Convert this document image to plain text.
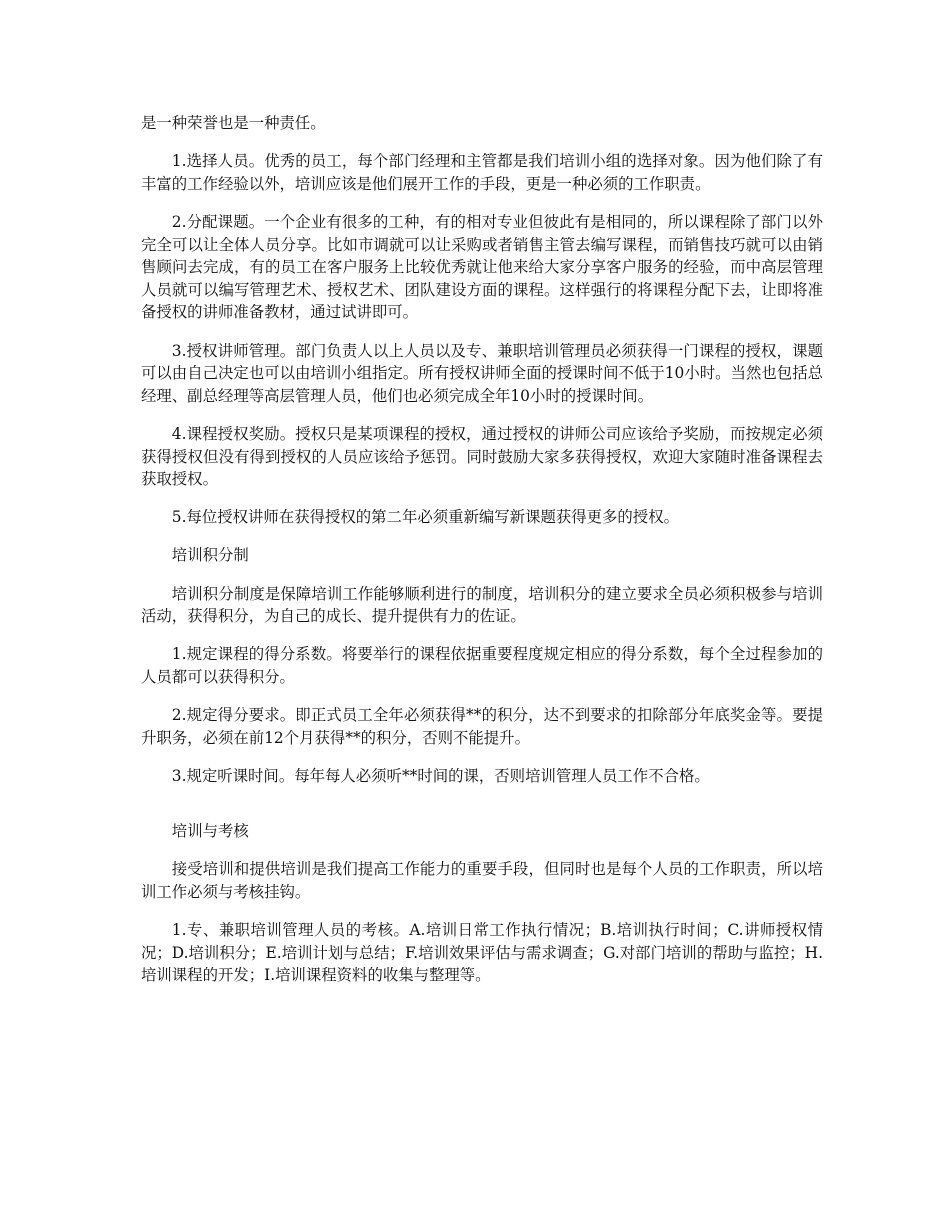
是一种荣誉也是一种责任。

1.选择人员。优秀的员工，每个部门经理和主管都是我们培训小组的选择对象。因为他们除了有丰富的工作经验以外，培训应该是他们展开工作的手段，更是一种必须的工作职责。

2.分配课题。一个企业有很多的工种，有的相对专业但彼此有是相同的，所以课程除了部门以外完全可以让全体人员分享。比如市调就可以让采购或者销售主管去编写课程，而销售技巧就可以由销售顾问去完成，有的员工在客户服务上比较优秀就让他来给大家分享客户服务的经验，而中高层管理人员就可以编写管理艺术、授权艺术、团队建设方面的课程。这样强行的将课程分配下去，让即将准备授权的讲师准备教材，通过试讲即可。

3.授权讲师管理。部门负责人以上人员以及专、兼职培训管理员必须获得一门课程的授权，课题可以由自己决定也可以由培训小组指定。所有授权讲师全面的授课时间不低于10小时。当然也包括总经理、副总经理等高层管理人员，他们也必须完成全年10小时的授课时间。

4.课程授权奖励。授权只是某项课程的授权，通过授权的讲师公司应该给予奖励，而按规定必须获得授权但没有得到授权的人员应该给予惩罚。同时鼓励大家多获得授权，欢迎大家随时准备课程去获取授权。

5.每位授权讲师在获得授权的第二年必须重新编写新课题获得更多的授权。

培训积分制

培训积分制度是保障培训工作能够顺利进行的制度，培训积分的建立要求全员必须积极参与培训活动，获得积分，为自己的成长、提升提供有力的佐证。

1.规定课程的得分系数。将要举行的课程依据重要程度规定相应的得分系数，每个全过程参加的人员都可以获得积分。

2.规定得分要求。即正式员工全年必须获得**的积分，达不到要求的扣除部分年底奖金等。要提升职务，必须在前12个月获得**的积分，否则不能提升。

3.规定听课时间。每年每人必须听**时间的课，否则培训管理人员工作不合格。

培训与考核

接受培训和提供培训是我们提高工作能力的重要手段，但同时也是每个人员的工作职责，所以培训工作必须与考核挂钩。

1.专、兼职培训管理人员的考核。A.培训日常工作执行情况；B.培训执行时间；C.讲师授权情况；D.培训积分；E.培训计划与总结；F.培训效果评估与需求调查；G.对部门培训的帮助与监控；H.培训课程的开发；I.培训课程资料的收集与整理等。
